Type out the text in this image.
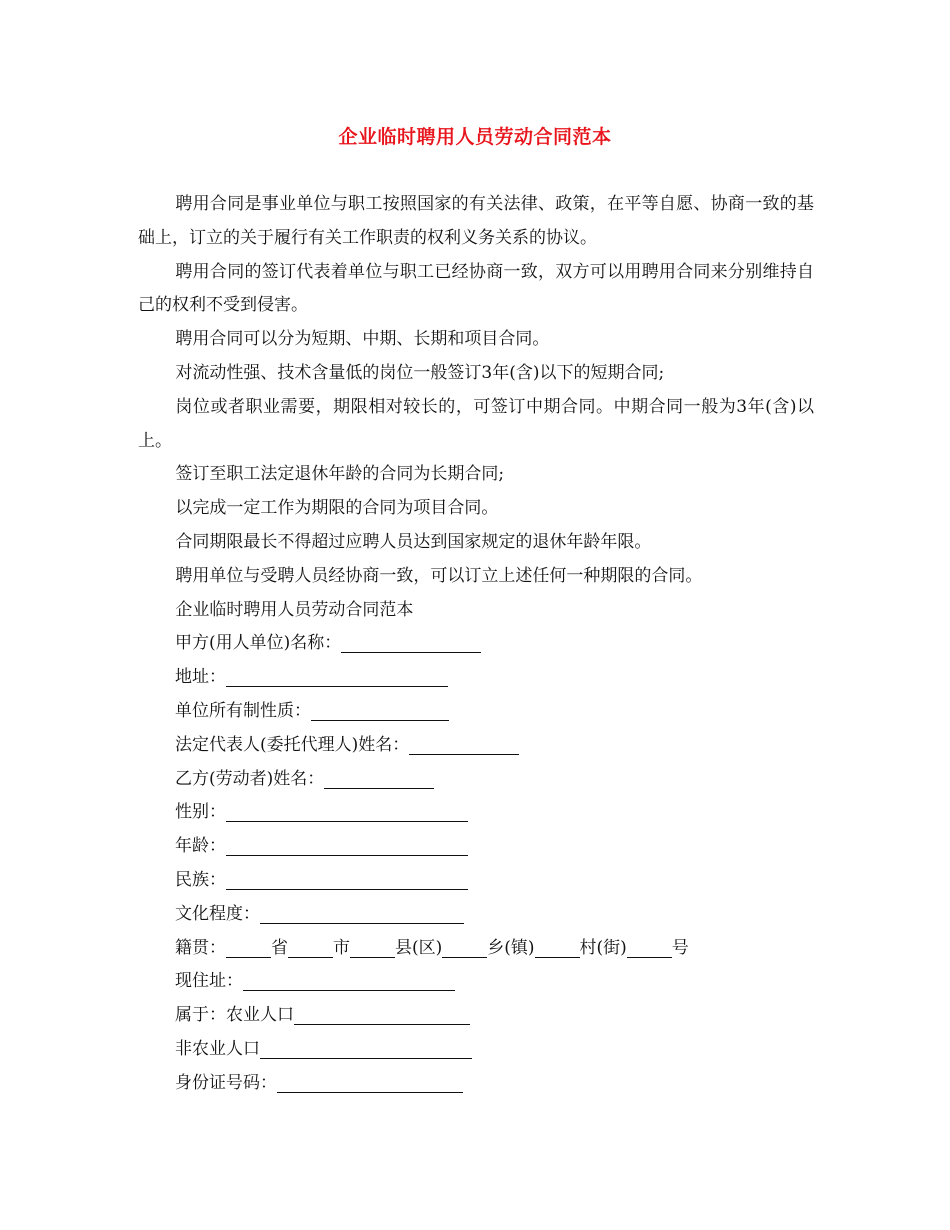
企业临时聘用人员劳动合同范本

聘用合同是事业单位与职工按照国家的有关法律、政策，在平等自愿、协商一致的基础上，订立的关于履行有关工作职责的权利义务关系的协议。

聘用合同的签订代表着单位与职工已经协商一致，双方可以用聘用合同来分别维持自己的权利不受到侵害。

聘用合同可以分为短期、中期、长期和项目合同。

对流动性强、技术含量低的岗位一般签订3年(含)以下的短期合同;

岗位或者职业需要，期限相对较长的，可签订中期合同。中期合同一般为3年(含)以上。

签订至职工法定退休年龄的合同为长期合同;

以完成一定工作为期限的合同为项目合同。

合同期限最长不得超过应聘人员达到国家规定的退休年龄年限。

聘用单位与受聘人员经协商一致，可以订立上述任何一种期限的合同。

企业临时聘用人员劳动合同范本

甲方(用人单位)名称：

地址：

单位所有制性质：

法定代表人(委托代理人)姓名：

乙方(劳动者)姓名：

性别：

年龄：

民族：

文化程度：

籍贯：	省	市	县(区)	乡(镇)	村(街)	号

现住址：

属于：农业人口

非农业人口

身份证号码：
